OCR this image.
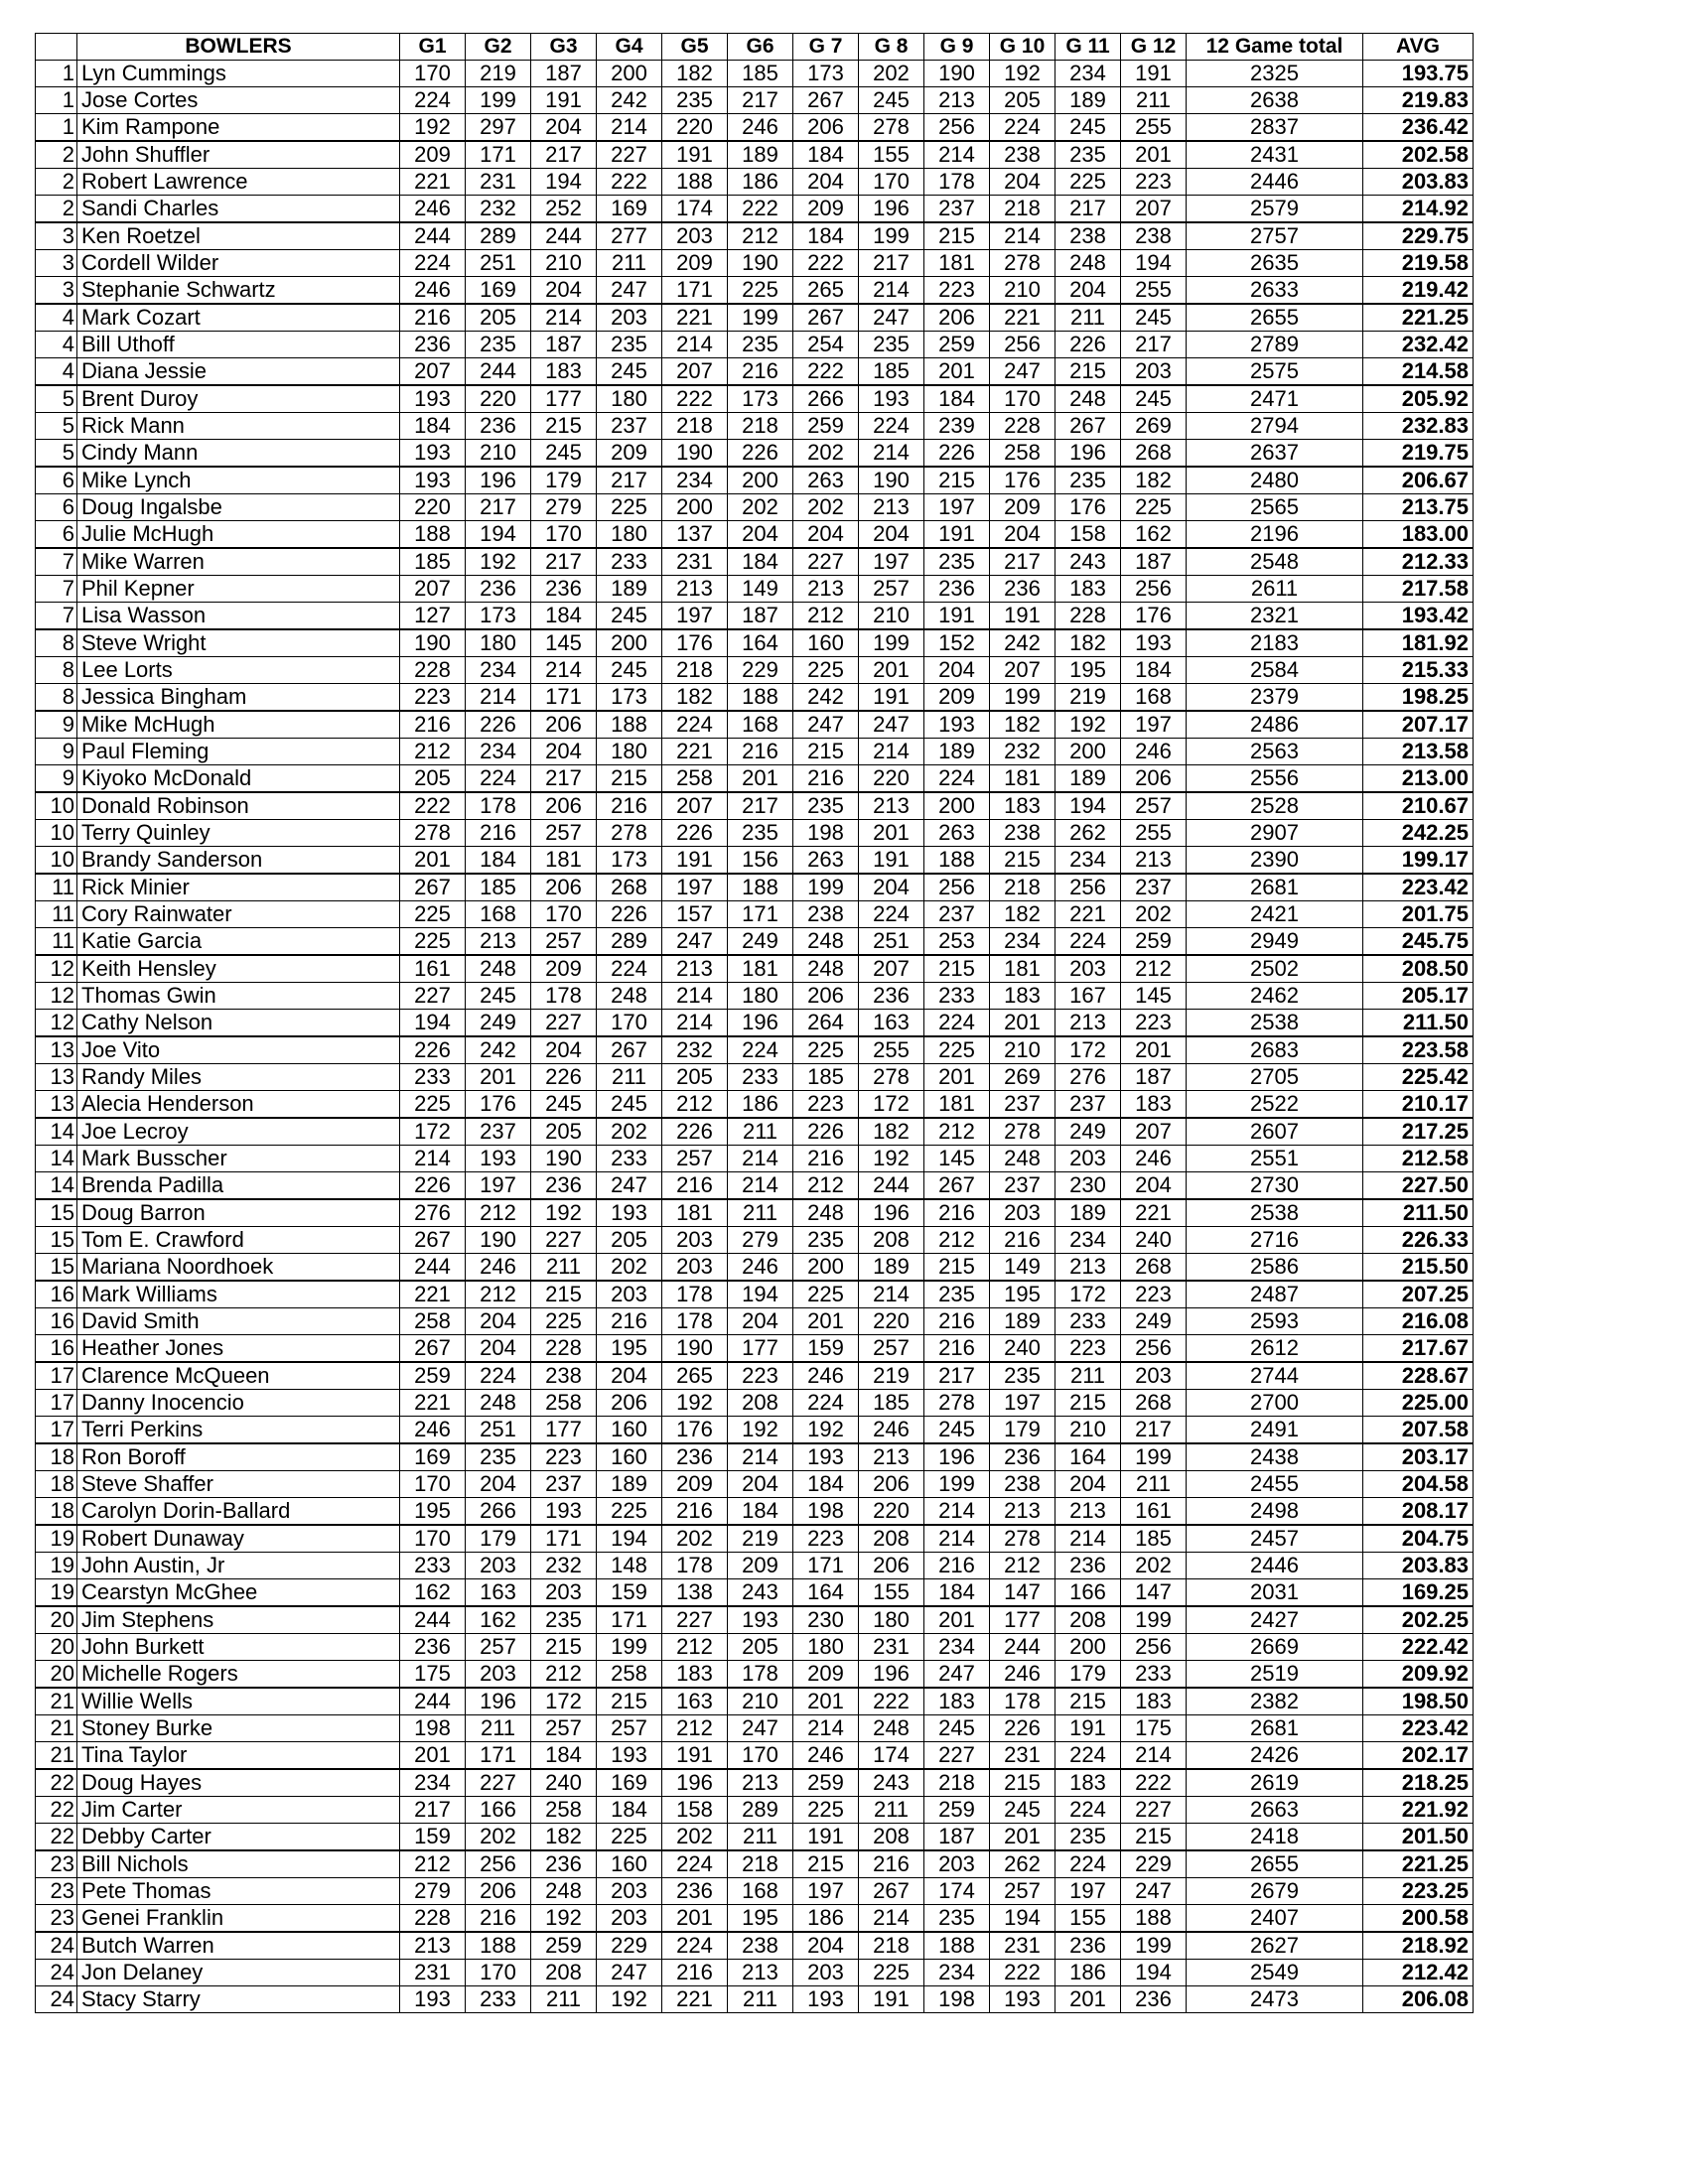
	BOWLERS	G1	G2	G3	G4	G5	G6	G 7	G 8	G 9	G 10	G 11	G 12	12 Game total	AVG
1	Lyn Cummings	170	219	187	200	182	185	173	202	190	192	234	191	2325	193.75
1	Jose Cortes	224	199	191	242	235	217	267	245	213	205	189	211	2638	219.83
1	Kim Rampone	192	297	204	214	220	246	206	278	256	224	245	255	2837	236.42
2	John Shuffler	209	171	217	227	191	189	184	155	214	238	235	201	2431	202.58
2	Robert Lawrence	221	231	194	222	188	186	204	170	178	204	225	223	2446	203.83
2	Sandi Charles	246	232	252	169	174	222	209	196	237	218	217	207	2579	214.92
3	Ken Roetzel	244	289	244	277	203	212	184	199	215	214	238	238	2757	229.75
3	Cordell Wilder	224	251	210	211	209	190	222	217	181	278	248	194	2635	219.58
3	Stephanie Schwartz	246	169	204	247	171	225	265	214	223	210	204	255	2633	219.42
4	Mark Cozart	216	205	214	203	221	199	267	247	206	221	211	245	2655	221.25
4	Bill Uthoff	236	235	187	235	214	235	254	235	259	256	226	217	2789	232.42
4	Diana Jessie	207	244	183	245	207	216	222	185	201	247	215	203	2575	214.58
5	Brent Duroy	193	220	177	180	222	173	266	193	184	170	248	245	2471	205.92
5	Rick Mann	184	236	215	237	218	218	259	224	239	228	267	269	2794	232.83
5	Cindy Mann	193	210	245	209	190	226	202	214	226	258	196	268	2637	219.75
6	Mike Lynch	193	196	179	217	234	200	263	190	215	176	235	182	2480	206.67
6	Doug Ingalsbe	220	217	279	225	200	202	202	213	197	209	176	225	2565	213.75
6	Julie McHugh	188	194	170	180	137	204	204	204	191	204	158	162	2196	183.00
7	Mike Warren	185	192	217	233	231	184	227	197	235	217	243	187	2548	212.33
7	Phil Kepner	207	236	236	189	213	149	213	257	236	236	183	256	2611	217.58
7	Lisa Wasson	127	173	184	245	197	187	212	210	191	191	228	176	2321	193.42
8	Steve Wright	190	180	145	200	176	164	160	199	152	242	182	193	2183	181.92
8	Lee Lorts	228	234	214	245	218	229	225	201	204	207	195	184	2584	215.33
8	Jessica Bingham	223	214	171	173	182	188	242	191	209	199	219	168	2379	198.25
9	Mike McHugh	216	226	206	188	224	168	247	247	193	182	192	197	2486	207.17
9	Paul Fleming	212	234	204	180	221	216	215	214	189	232	200	246	2563	213.58
9	Kiyoko McDonald	205	224	217	215	258	201	216	220	224	181	189	206	2556	213.00
10	Donald Robinson	222	178	206	216	207	217	235	213	200	183	194	257	2528	210.67
10	Terry Quinley	278	216	257	278	226	235	198	201	263	238	262	255	2907	242.25
10	Brandy Sanderson	201	184	181	173	191	156	263	191	188	215	234	213	2390	199.17
11	Rick Minier	267	185	206	268	197	188	199	204	256	218	256	237	2681	223.42
11	Cory Rainwater	225	168	170	226	157	171	238	224	237	182	221	202	2421	201.75
11	Katie Garcia	225	213	257	289	247	249	248	251	253	234	224	259	2949	245.75
12	Keith Hensley	161	248	209	224	213	181	248	207	215	181	203	212	2502	208.50
12	Thomas Gwin	227	245	178	248	214	180	206	236	233	183	167	145	2462	205.17
12	Cathy Nelson	194	249	227	170	214	196	264	163	224	201	213	223	2538	211.50
13	Joe Vito	226	242	204	267	232	224	225	255	225	210	172	201	2683	223.58
13	Randy Miles	233	201	226	211	205	233	185	278	201	269	276	187	2705	225.42
13	Alecia Henderson	225	176	245	245	212	186	223	172	181	237	237	183	2522	210.17
14	Joe Lecroy	172	237	205	202	226	211	226	182	212	278	249	207	2607	217.25
14	Mark Busscher	214	193	190	233	257	214	216	192	145	248	203	246	2551	212.58
14	Brenda Padilla	226	197	236	247	216	214	212	244	267	237	230	204	2730	227.50
15	Doug Barron	276	212	192	193	181	211	248	196	216	203	189	221	2538	211.50
15	Tom E. Crawford	267	190	227	205	203	279	235	208	212	216	234	240	2716	226.33
15	Mariana Noordhoek	244	246	211	202	203	246	200	189	215	149	213	268	2586	215.50
16	Mark Williams	221	212	215	203	178	194	225	214	235	195	172	223	2487	207.25
16	David Smith	258	204	225	216	178	204	201	220	216	189	233	249	2593	216.08
16	Heather Jones	267	204	228	195	190	177	159	257	216	240	223	256	2612	217.67
17	Clarence McQueen	259	224	238	204	265	223	246	219	217	235	211	203	2744	228.67
17	Danny Inocencio	221	248	258	206	192	208	224	185	278	197	215	268	2700	225.00
17	Terri Perkins	246	251	177	160	176	192	192	246	245	179	210	217	2491	207.58
18	Ron Boroff	169	235	223	160	236	214	193	213	196	236	164	199	2438	203.17
18	Steve Shaffer	170	204	237	189	209	204	184	206	199	238	204	211	2455	204.58
18	Carolyn Dorin-Ballard	195	266	193	225	216	184	198	220	214	213	213	161	2498	208.17
19	Robert Dunaway	170	179	171	194	202	219	223	208	214	278	214	185	2457	204.75
19	John Austin, Jr	233	203	232	148	178	209	171	206	216	212	236	202	2446	203.83
19	Cearstyn McGhee	162	163	203	159	138	243	164	155	184	147	166	147	2031	169.25
20	Jim Stephens	244	162	235	171	227	193	230	180	201	177	208	199	2427	202.25
20	John Burkett	236	257	215	199	212	205	180	231	234	244	200	256	2669	222.42
20	Michelle Rogers	175	203	212	258	183	178	209	196	247	246	179	233	2519	209.92
21	Willie Wells	244	196	172	215	163	210	201	222	183	178	215	183	2382	198.50
21	Stoney Burke	198	211	257	257	212	247	214	248	245	226	191	175	2681	223.42
21	Tina Taylor	201	171	184	193	191	170	246	174	227	231	224	214	2426	202.17
22	Doug Hayes	234	227	240	169	196	213	259	243	218	215	183	222	2619	218.25
22	Jim Carter	217	166	258	184	158	289	225	211	259	245	224	227	2663	221.92
22	Debby Carter	159	202	182	225	202	211	191	208	187	201	235	215	2418	201.50
23	Bill Nichols	212	256	236	160	224	218	215	216	203	262	224	229	2655	221.25
23	Pete Thomas	279	206	248	203	236	168	197	267	174	257	197	247	2679	223.25
23	Genei Franklin	228	216	192	203	201	195	186	214	235	194	155	188	2407	200.58
24	Butch Warren	213	188	259	229	224	238	204	218	188	231	236	199	2627	218.92
24	Jon Delaney	231	170	208	247	216	213	203	225	234	222	186	194	2549	212.42
24	Stacy Starry	193	233	211	192	221	211	193	191	198	193	201	236	2473	206.08
